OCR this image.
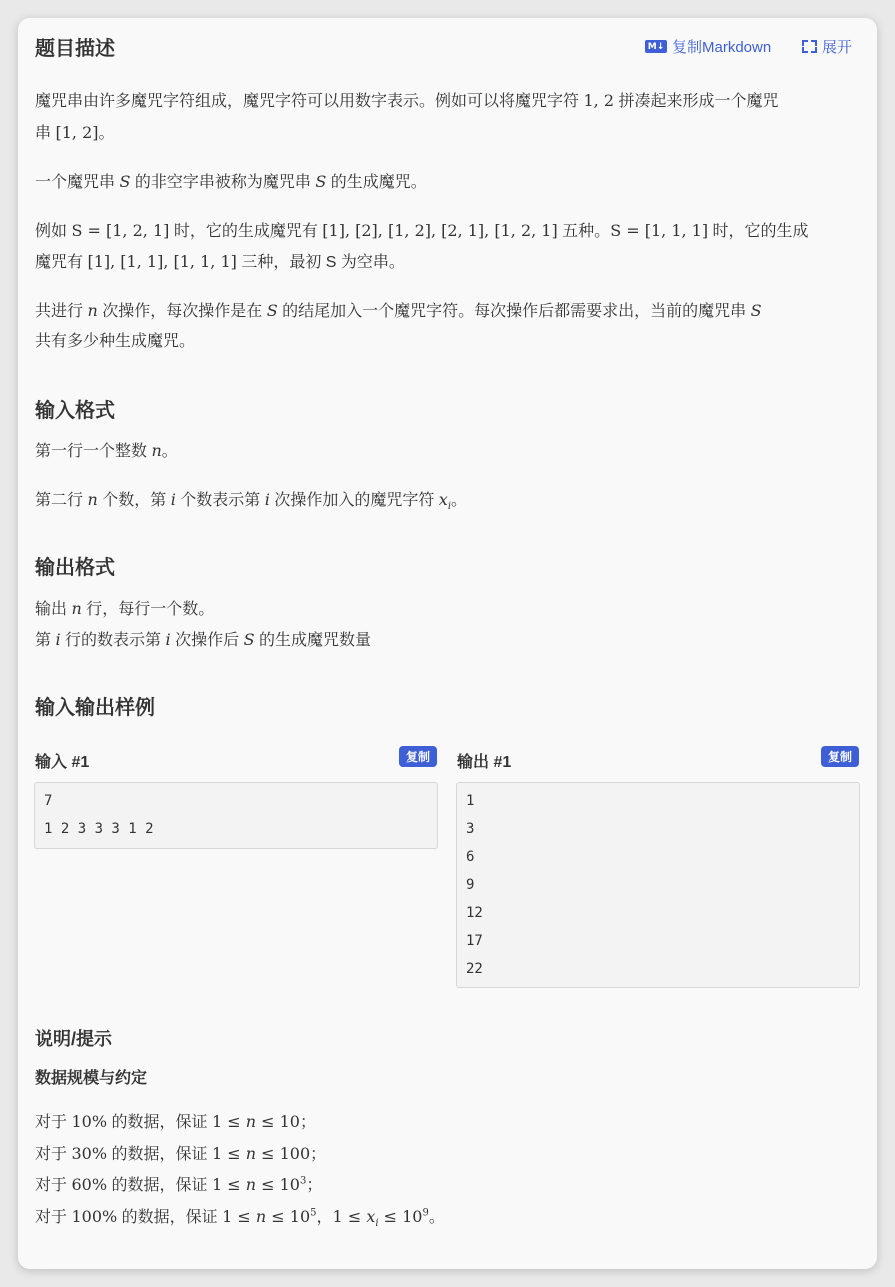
题目描述	M↓ 复制Markdown	展开
魔咒串由许多魔咒字符组成，魔咒字符可以用数字表示。例如可以将魔咒字符 1, 2 拼凑起来形成一个魔咒
串 [1, 2]。
一个魔咒串 S 的非空字串被称为魔咒串 S 的生成魔咒。
例如 S = [1, 2, 1] 时，它的生成魔咒有 [1], [2], [1, 2], [2, 1], [1, 2, 1] 五种。S = [1, 1, 1] 时，它的生成
魔咒有 [1], [1, 1], [1, 1, 1] 三种，最初 S 为空串。
共进行 n 次操作，每次操作是在 S 的结尾加入一个魔咒字符。每次操作后都需要求出，当前的魔咒串 S
共有多少种生成魔咒。
输入格式
第一行一个整数 n。
第二行 n 个数，第 i 个数表示第 i 次操作加入的魔咒字符 $x_i$。
输出格式
输出 n 行，每行一个数。
第 i 行的数表示第 i 次操作后 S 的生成魔咒数量
输入输出样例
输入 #1	复制
7
1 2 3 3 3 1 2
输出 #1	复制
1
3
6
9
12
17
22
说明/提示
数据规模与约定
对于 10% 的数据，保证 1 ≤ n ≤ 10；
对于 30% 的数据，保证 1 ≤ n ≤ 100；
对于 60% 的数据，保证 $1 \le n \le 10^3$；
对于 100% 的数据，保证 $1 \le n \le 10^5$，$1 \le x_i \le 10^9$。
